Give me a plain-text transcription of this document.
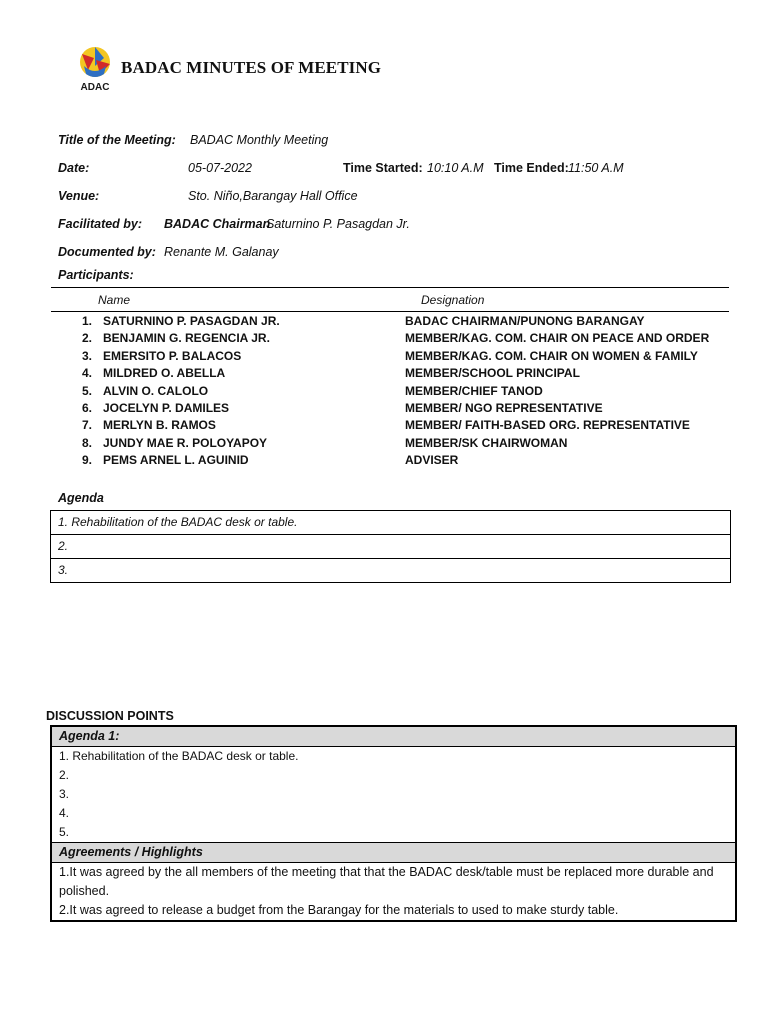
ADAC
BADAC MINUTES OF MEETING
Title of the Meeting: BADAC Monthly Meeting
Date:	05-07-2022	Time Started: 10:10 A.M Time Ended: 11:50 A.M
Venue:	Sto. Niño,Barangay Hall Office
Facilitated by: BADAC Chairman
Saturnino P. Pasagdan Jr.
Documented by: Renante M. Galanay
Participants:
Name	Designation
1. SATURNINO P. PASAGDAN JR.	BADAC CHAIRMAN/PUNONG BARANGAY
2. BENJAMIN G. REGENCIA JR.	MEMBER/KAG. COM. CHAIR ON PEACE AND ORDER
3. EMERSITO P. BALACOS	MEMBER/KAG. COM. CHAIR ON WOMEN & FAMILY
4. MILDRED O. ABELLA	MEMBER/SCHOOL PRINCIPAL
5. ALVIN O. CALOLO	MEMBER/CHIEF TANOD
6. JOCELYN P. DAMILES	MEMBER/ NGO REPRESENTATIVE
7. MERLYN B. RAMOS	MEMBER/ FAITH-BASED ORG. REPRESENTATIVE
8. JUNDY MAE R. POLOYAPOY	MEMBER/SK CHAIRWOMAN
9. PEMS ARNEL L. AGUINID	ADVISER
Agenda
1. Rehabilitation of the BADAC desk or table.
2.
3.
DISCUSSION POINTS
Agenda 1:
1. Rehabilitation of the BADAC desk or table.
2.
3.
4.
5.
Agreements / Highlights
1.It was agreed by the all members of the meeting that that the BADAC desk/table must be replaced more durable and polished.
2.It was agreed to release a budget from the Barangay for the materials to used to make sturdy table.
